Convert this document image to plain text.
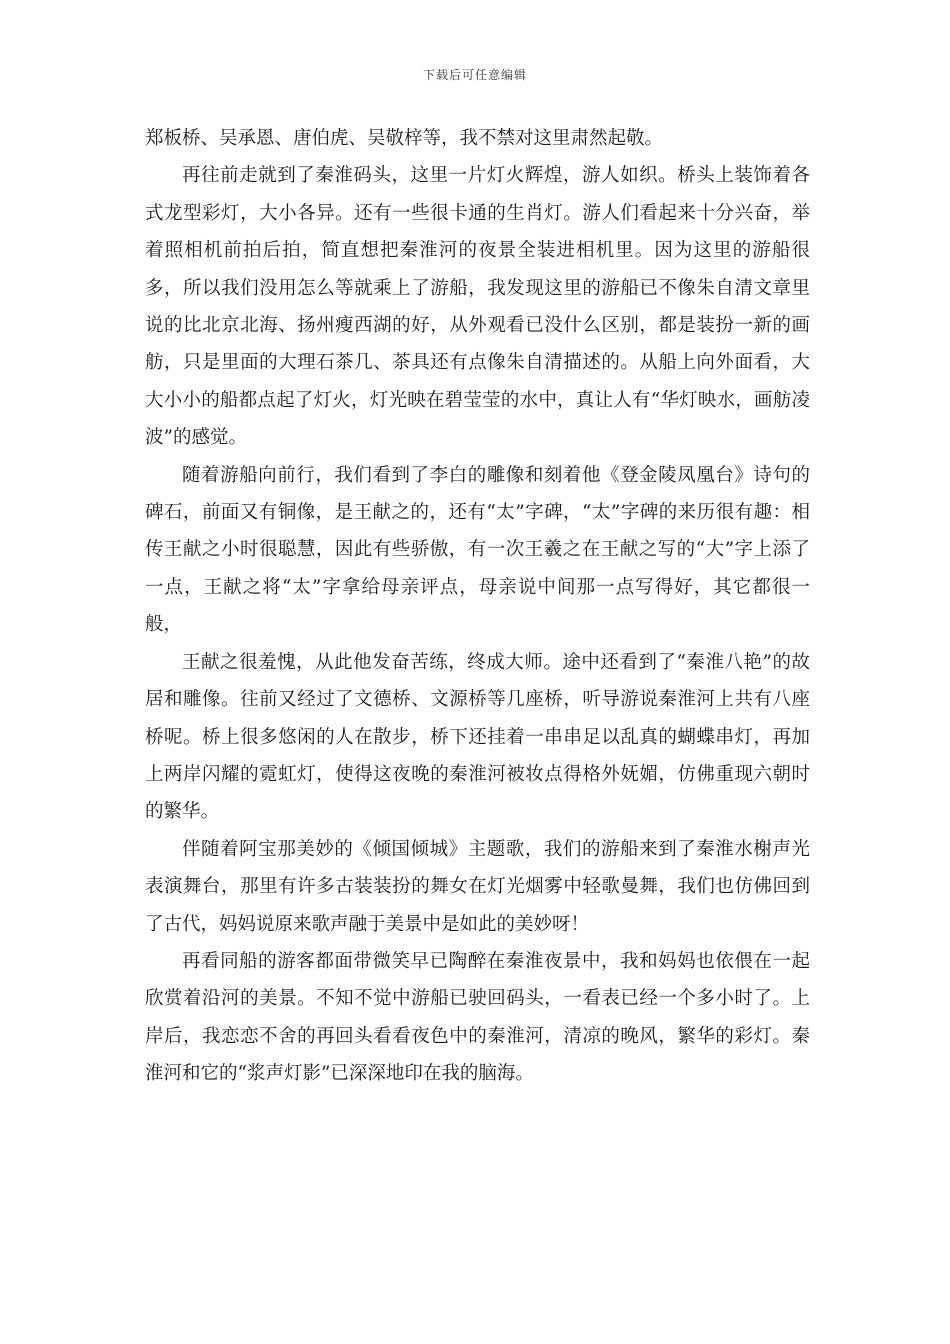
下载后可任意编辑

郑板桥、吴承恩、唐伯虎、吴敬梓等，我不禁对这里肃然起敬。

再往前走就到了秦淮码头，这里一片灯火辉煌，游人如织。桥头上装饰着各式龙型彩灯，大小各异。还有一些很卡通的生肖灯。游人们看起来十分兴奋，举着照相机前拍后拍，简直想把秦淮河的夜景全装进相机里。因为这里的游船很多，所以我们没用怎么等就乘上了游船，我发现这里的游船已不像朱自清文章里说的比北京北海、扬州瘦西湖的好，从外观看已没什么区别，都是装扮一新的画舫，只是里面的大理石茶几、茶具还有点像朱自清描述的。从船上向外面看，大大小小的船都点起了灯火，灯光映在碧莹莹的水中，真让人有“华灯映水，画舫凌波”的感觉。

随着游船向前行，我们看到了李白的雕像和刻着他《登金陵凤凰台》诗句的碑石，前面又有铜像，是王献之的，还有“太”字碑，“太”字碑的来历很有趣：相传王献之小时很聪慧，因此有些骄傲，有一次王羲之在王献之写的“大”字上添了一点，王献之将“太”字拿给母亲评点，母亲说中间那一点写得好，其它都很一般，

王献之很羞愧，从此他发奋苦练，终成大师。途中还看到了“秦淮八艳”的故居和雕像。往前又经过了文德桥、文源桥等几座桥，听导游说秦淮河上共有八座桥呢。桥上很多悠闲的人在散步，桥下还挂着一串串足以乱真的蝴蝶串灯，再加上两岸闪耀的霓虹灯，使得这夜晚的秦淮河被妆点得格外妩媚，仿佛重现六朝时的繁华。

伴随着阿宝那美妙的《倾国倾城》主题歌，我们的游船来到了秦淮水榭声光表演舞台，那里有许多古装装扮的舞女在灯光烟雾中轻歌曼舞，我们也仿佛回到了古代，妈妈说原来歌声融于美景中是如此的美妙呀！

再看同船的游客都面带微笑早已陶醉在秦淮夜景中，我和妈妈也依偎在一起欣赏着沿河的美景。不知不觉中游船已驶回码头，一看表已经一个多小时了。上岸后，我恋恋不舍的再回头看看夜色中的秦淮河，清凉的晚风，繁华的彩灯。秦淮河和它的“浆声灯影”已深深地印在我的脑海。
